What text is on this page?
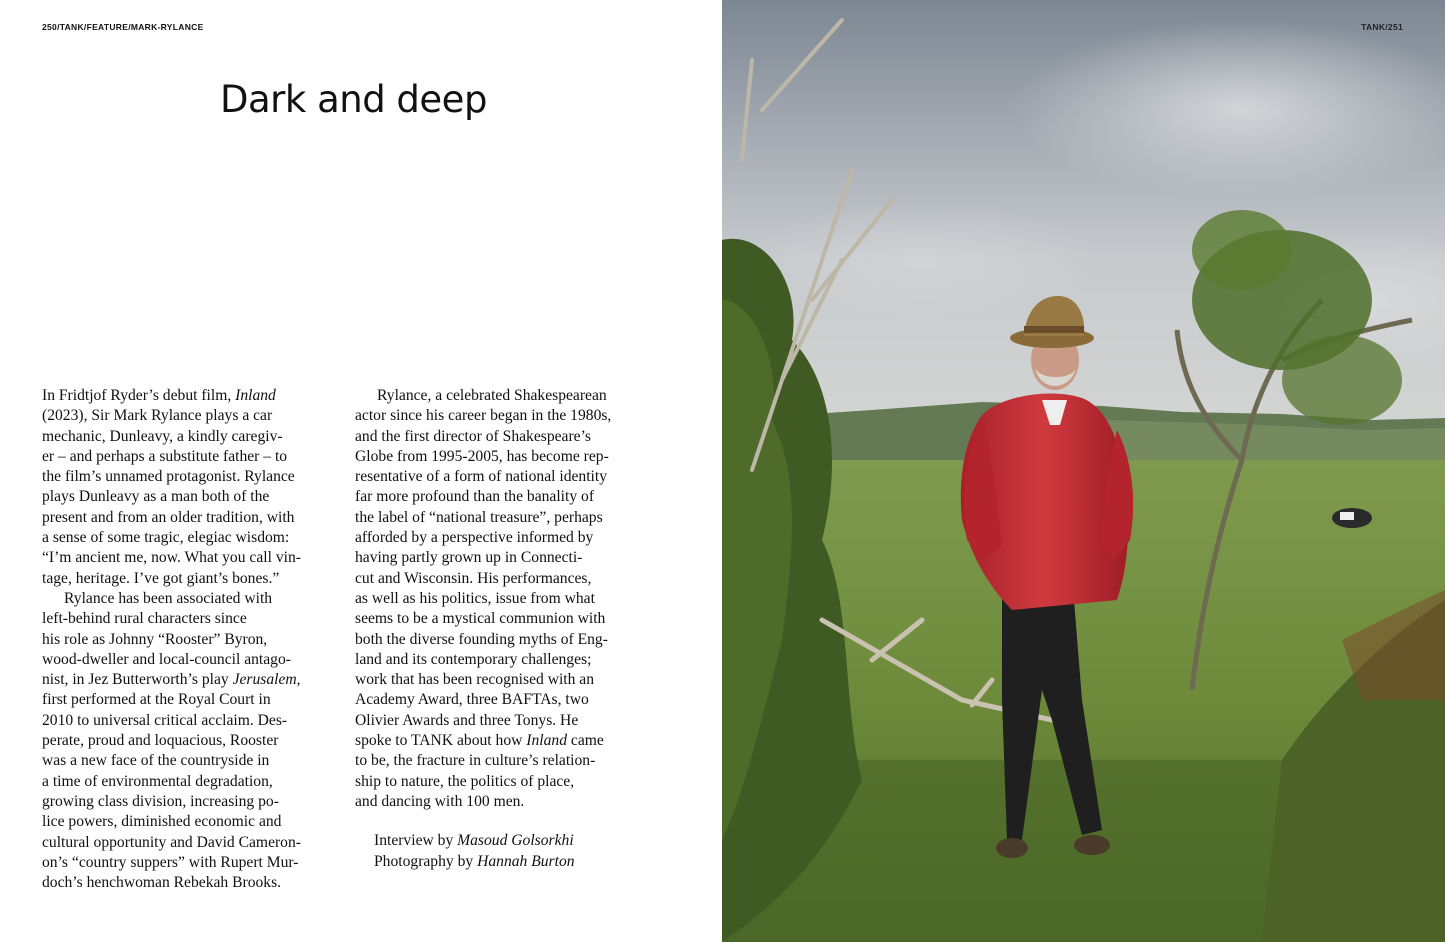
250/TANK/FEATURE/MARK-RYLANCE
Dark and deep

In Fridtjof Ryder’s debut film, Inland
(2023), Sir Mark Rylance plays a car
mechanic, Dunleavy, a kindly caregiv-
er – and perhaps a substitute father – to
the film’s unnamed protagonist. Rylance
plays Dunleavy as a man both of the
present and from an older tradition, with
a sense of some tragic, elegiac wisdom:
“I’m ancient me, now. What you call vin-
tage, heritage. I’ve got giant’s bones.”

Rylance has been associated with
left-behind rural characters since
his role as Johnny “Rooster” Byron,
wood-dweller and local-council antago-
nist, in Jez Butterworth’s play Jerusalem,
first performed at the Royal Court in
2010 to universal critical acclaim. Des-
perate, proud and loquacious, Rooster
was a new face of the countryside in
a time of environmental degradation,
growing class division, increasing po-
lice powers, diminished economic and
cultural opportunity and David Cameron-
on’s “country suppers” with Rupert Mur-
doch’s henchwoman Rebekah Brooks.

Rylance, a celebrated Shakespearean
actor since his career began in the 1980s,
and the first director of Shakespeare’s
Globe from 1995-2005, has become rep-
resentative of a form of national identity
far more profound than the banality of
the label of “national treasure”, perhaps
afforded by a perspective informed by
having partly grown up in Connecti-
cut and Wisconsin. His performances,
as well as his politics, issue from what
seems to be a mystical communion with
both the diverse founding myths of Eng-
land and its contemporary challenges;
work that has been recognised with an
Academy Award, three BAFTAs, two
Olivier Awards and three Tonys. He
spoke to TANK about how Inland came
to be, the fracture in culture’s relation-
ship to nature, the politics of place,
and dancing with 100 men.

Interview by Masoud Golsorkhi
Photography by Hannah Burton

TANK/251
